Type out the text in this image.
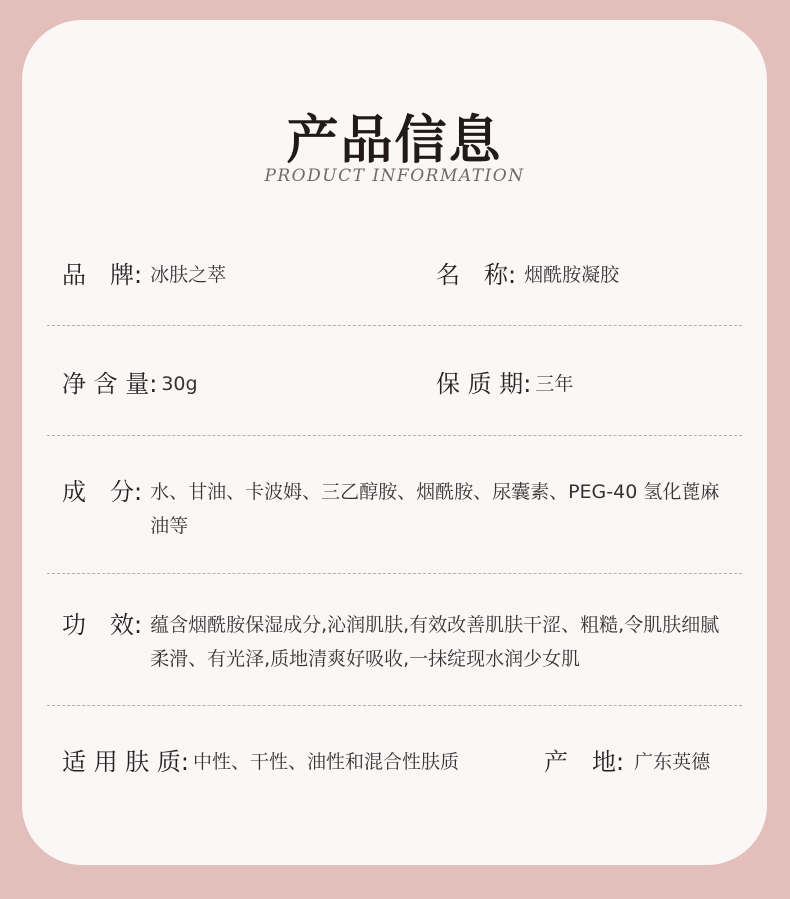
产品信息
PRODUCT INFORMATION
品　牌: 冰肤之萃	名　称: 烟酰胺凝胶
净 含 量: 30g	保 质 期: 三年
成　分: 水、甘油、卡波姆、三乙醇胺、烟酰胺、尿囊素、PEG-40 氢化蓖麻油等
功　效: 蕴含烟酰胺保湿成分,沁润肌肤,有效改善肌肤干涩、粗糙,令肌肤细腻柔滑、有光泽,质地清爽好吸收,一抹绽现水润少女肌
适 用 肤 质: 中性、干性、油性和混合性肤质	产　地: 广东英德
